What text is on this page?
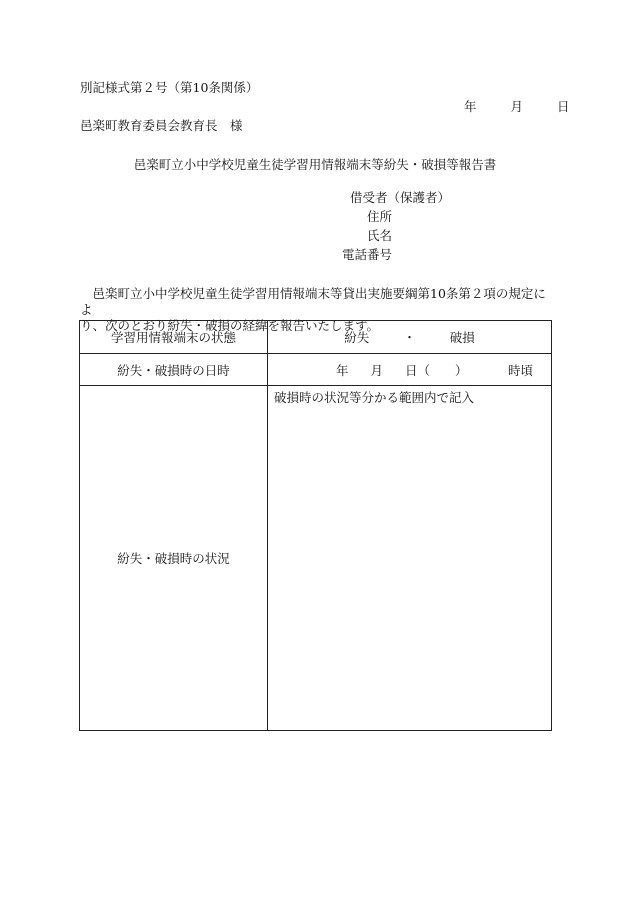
別記様式第２号（第10条関係）
年	月	日
邑楽町教育委員会教育長　様
邑楽町立小中学校児童生徒学習用情報端末等紛失・破損等報告書
借受者（保護者）
住所
氏名
電話番号

　邑楽町立小中学校児童生徒学習用情報端末等貸出実施要綱第10条第２項の規定によ

り、次のとおり紛失・破損の経緯を報告いたします。

学習用情報端末の状態	紛失 ・ 破損

紛失・破損時の日時	年 月 日（　　） 時頃

紛失・破損時の状況	破損時の状況等分かる範囲内で記入
